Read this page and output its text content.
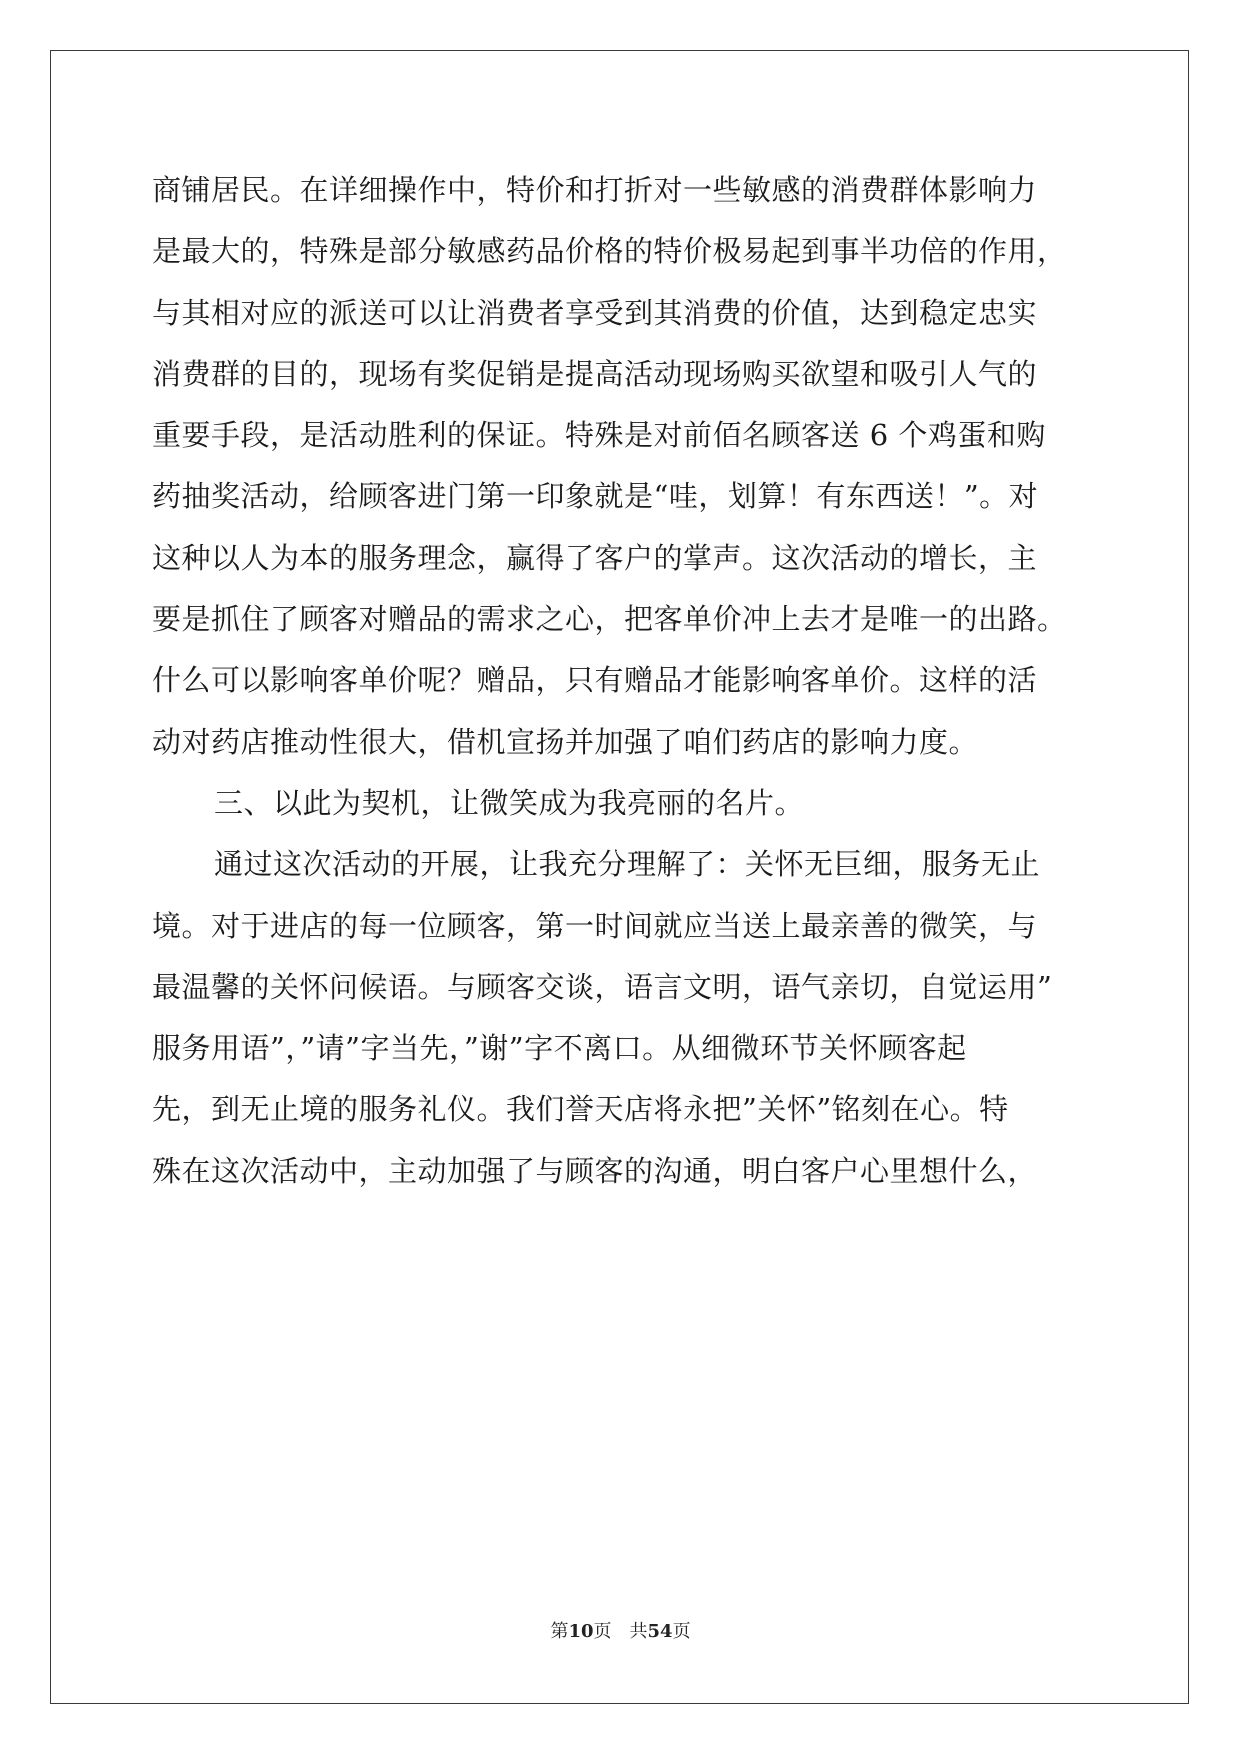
商铺居民。在详细操作中，特价和打折对一些敏感的消费群体影响力
是最大的，特殊是部分敏感药品价格的特价极易起到事半功倍的作用，
与其相对应的派送可以让消费者享受到其消费的价值，达到稳定忠实
消费群的目的，现场有奖促销是提高活动现场购买欲望和吸引人气的
重要手段，是活动胜利的保证。特殊是对前佰名顾客送 6 个鸡蛋和购
药抽奖活动，给顾客进门第一印象就是“哇，划算！有东西送！”。对
这种以人为本的服务理念，赢得了客户的掌声。这次活动的增长，主
要是抓住了顾客对赠品的需求之心，把客单价冲上去才是唯一的出路。
什么可以影响客单价呢？赠品，只有赠品才能影响客单价。这样的活
动对药店推动性很大，借机宣扬并加强了咱们药店的影响力度。
三、以此为契机，让微笑成为我亮丽的名片。
通过这次活动的开展，让我充分理解了：关怀无巨细，服务无止
境。对于进店的每一位顾客，第一时间就应当送上最亲善的微笑，与
最温馨的关怀问候语。与顾客交谈，语言文明，语气亲切，自觉运用”
服务用语”，”请”字当先，”谢”字不离口。从细微环节关怀顾客起
先，到无止境的服务礼仪。我们誉天店将永把”关怀”铭刻在心。特
殊在这次活动中，主动加强了与顾客的沟通，明白客户心里想什么，
第10页 共54页
